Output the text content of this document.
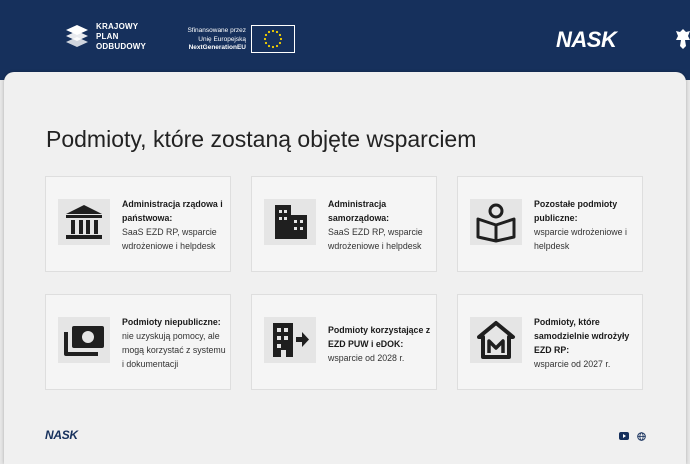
KRAJOWY
PLAN
ODBUDOWY
Sfinansowane przez
Unię Europejską
NextGenerationEU	NASK
Podmioty, które zostaną objęte wsparciem
Administracja rządowa i państwowa:
SaaS EZD RP, wsparcie wdrożeniowe i helpdesk
Administracja samorządowa:
SaaS EZD RP, wsparcie wdrożeniowe i helpdesk
Pozostałe podmioty publiczne:
wsparcie wdrożeniowe i helpdesk
Podmioty niepubliczne:
nie uzyskują pomocy, ale mogą korzystać z systemu i dokumentacji
Podmioty korzystające z EZD PUW i eDOK:
wsparcie od 2028 r.
Podmioty, które samodzielnie wdrożyły EZD RP:
wsparcie od 2027 r.
NASK
